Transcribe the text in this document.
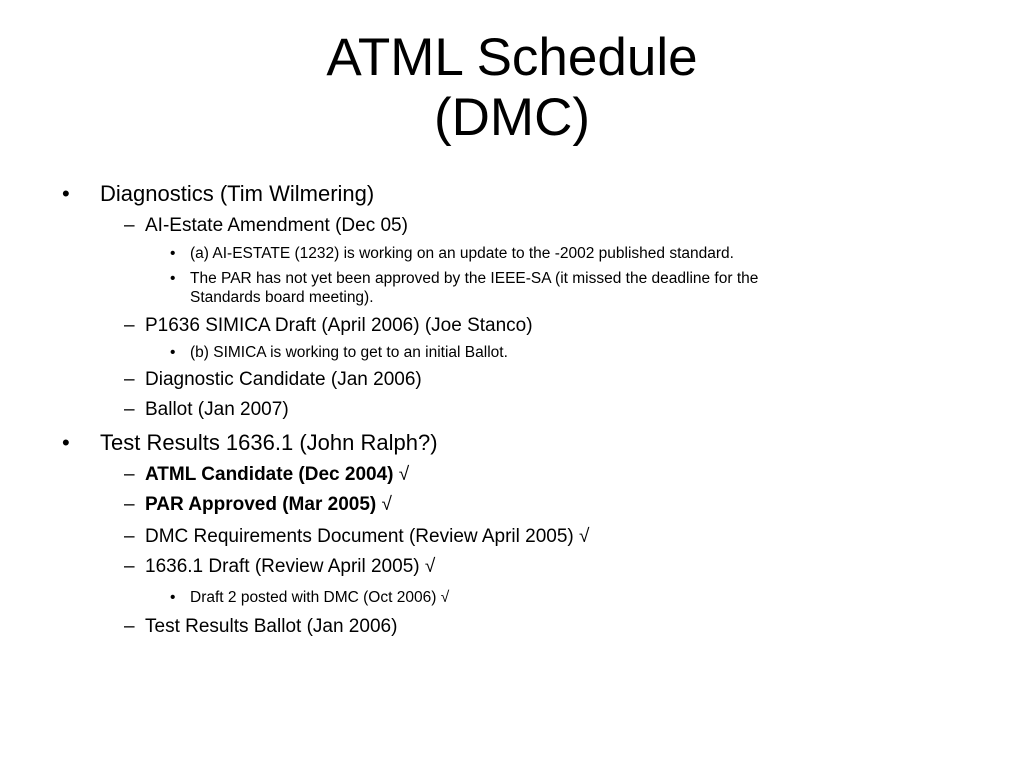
ATML Schedule
(DMC)
• Diagnostics (Tim Wilmering)
– AI-Estate Amendment (Dec 05)
• (a) AI-ESTATE (1232) is working on an update to the -2002 published standard.
• The PAR has not yet been approved by the IEEE-SA (it missed the deadline for the
Standards board meeting).
– P1636 SIMICA Draft (April 2006) (Joe Stanco)
• (b) SIMICA is working to get to an initial Ballot.
– Diagnostic Candidate (Jan 2006)
– Ballot (Jan 2007)
• Test Results 1636.1 (John Ralph?)
– ATML Candidate (Dec 2004) √
– PAR Approved (Mar 2005) √
– DMC Requirements Document (Review April 2005) √
– 1636.1 Draft (Review April 2005) √
• Draft 2 posted with DMC (Oct 2006) √
– Test Results Ballot (Jan 2006)
